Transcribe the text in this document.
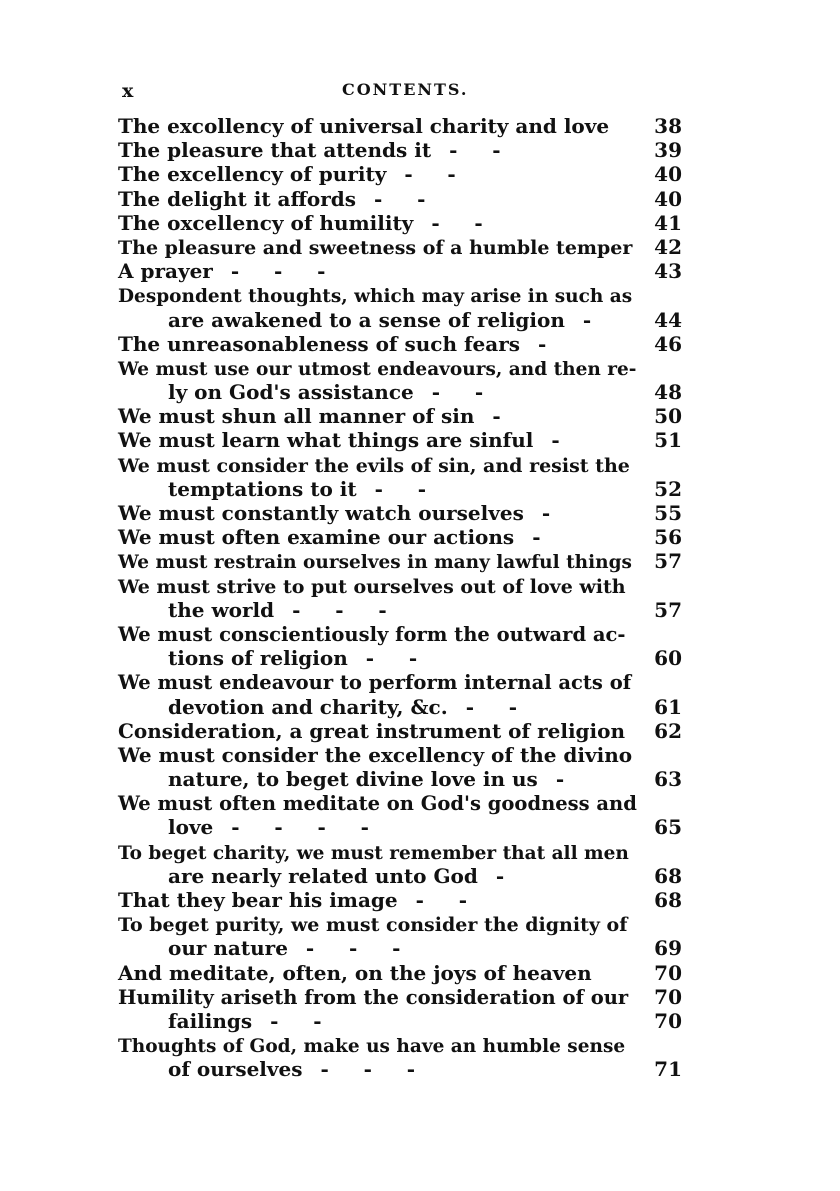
x	CONTENTS.
The excollency of universal charity and love	38
The pleasure that attends it -     -	39
The excellency of purity -     -	40
The delight it affords -     -	40
The oxcellency of humility -     -	41
The pleasure and sweetness of a humble temper	42
A prayer -     -     -	43
Despondent thoughts, which may arise in such as
are awakened to a sense of religion -	44
The unreasonableness of such fears -	46
We must use our utmost endeavours, and then re-
ly on God's assistance -     -	48
We must shun all manner of sin -	50
We must learn what things are sinful -	51
We must consider the evils of sin, and resist the
temptations to it -     -	52
We must constantly watch ourselves -	55
We must often examine our actions -	56
We must restrain ourselves in many lawful things	57
We must strive to put ourselves out of love with
the world -     -     -	57
We must conscientiously form the outward ac-
tions of religion -     -	60
We must endeavour to perform internal acts of
devotion and charity, &c. -     -	61
Consideration, a great instrument of religion	62
We must consider the excellency of the divino
nature, to beget divine love in us -	63
We must often meditate on God's goodness and
love -     -     -     -	65
To beget charity, we must remember that all men
are nearly related unto God -	68
That they bear his image -     -	68
To beget purity, we must consider the dignity of
our nature -     -     -	69
And meditate, often, on the joys of heaven	70
Humility ariseth from the consideration of our	70
failings -     -	70
Thoughts of God, make us have an humble sense
of ourselves -     -     -	71
